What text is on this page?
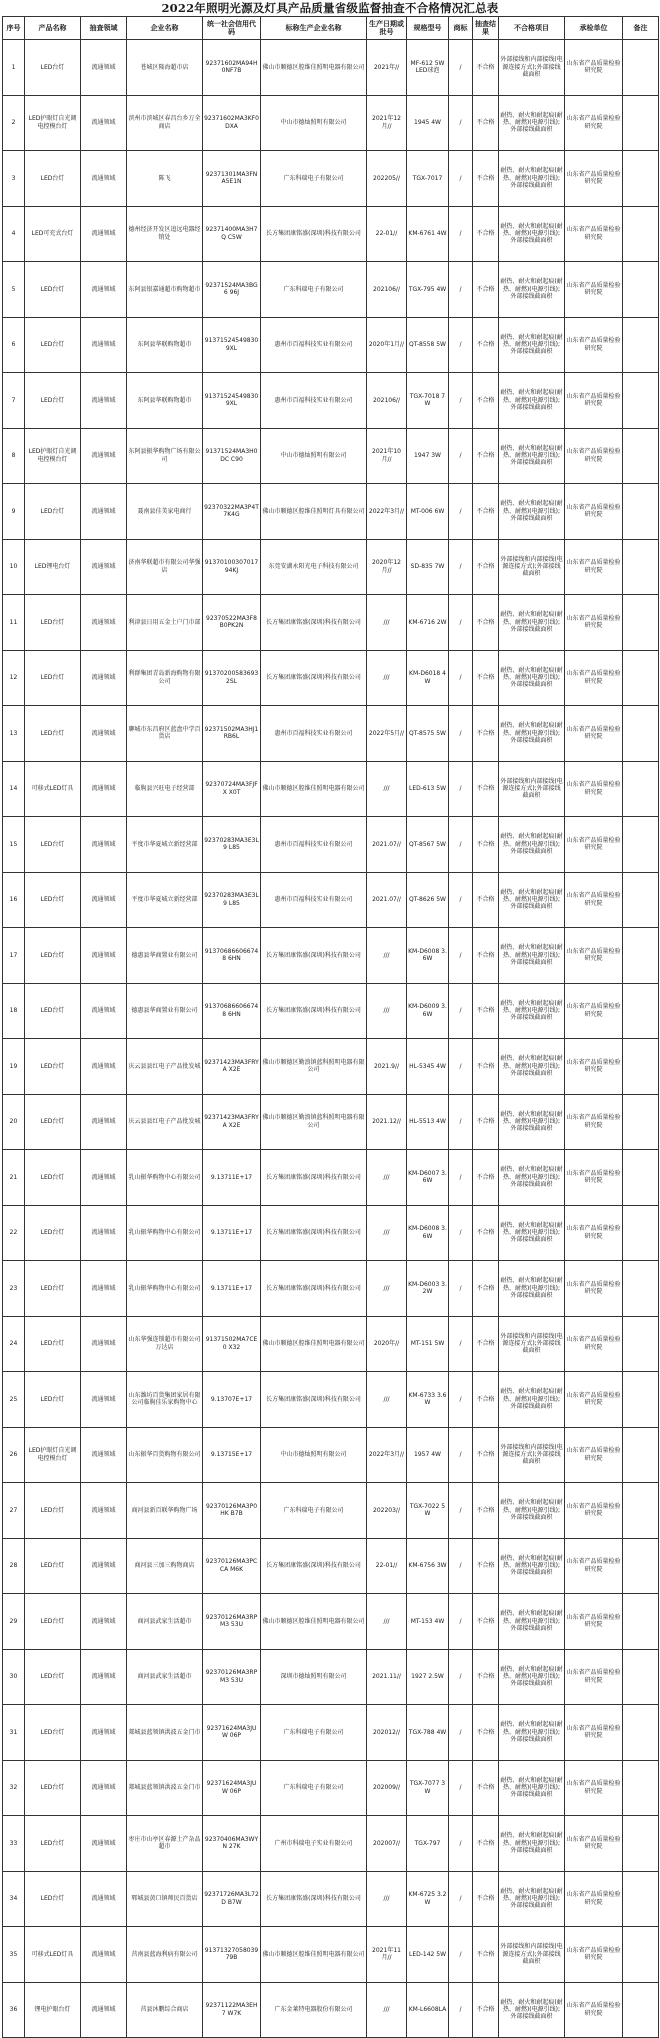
2022年照明光源及灯具产品质量省级监督抽查不合格情况汇总表
序号	产品名称	抽查领域	企业名称	统一社会信用代码	标称生产企业名称	生产日期或批号	规格型号	商标	抽查结果	不合格项目	承检单位	备注
1	LED台灯	流通领域	苍城区隆海超市店	92371602MA94H0NF7B	佛山市顺德区腔维佳照明电器有限公司	2021年//	MF-612 5W LED球泡	/	不合格	外部接线和内部接线(电源连接方式);外部接线截面积	山东省产品质量检验研究院	
2	LED护眼灯自光调电控模台灯	流通领域	滨州市滨城区春昌台乡万全商店	92371602MA3KF0DXA	中山市德灿照明有限公司	2021年12月//	1945 4W	/	不合格	耐热、耐火和耐起痕(耐热、耐燃)(电源引线);外部接线截面积	山东省产品质量检验研究院	
3	LED台灯	流通领域	陈飞	92371301MA3FNA5E1N	广东科瑞电子有限公司	202205//	TGX-7017	/	不合格	耐热、耐火和耐起痕(耐热、耐燃)(电源引线);外部接线截面积	山东省产品质量检验研究院	
4	LED可充式台灯	流通领域	德州经济开发区追远电器经销处	92371400MA3H7Q C5W	长方集团康铭盛(深圳)科技有限公司	22-01//	KM-6761 4W	/	不合格	耐热、耐火和耐起痕(耐热、耐燃)(电源引线);外部接线截面积	山东省产品质量检验研究院	
5	LED台灯	流通领域	东阿县银嘉通超市购物超市	92371524MA3BG6 96J	广东科瑞电子有限公司	202106//	TGX-795 4W	/	不合格	耐热、耐火和耐起痕(耐热、耐燃)(电源引线);外部接线截面积	山东省产品质量检验研究院	
6	LED台灯	流通领域	东阿县华联购物超市	91371524549830 9XL	惠州市百福科技实业有限公司	2020年1月//	QT-8558 5W	/	不合格	耐热、耐火和耐起痕(耐热、耐燃)(电源引线);外部接线截面积	山东省产品质量检验研究院	
7	LED台灯	流通领域	东阿县华联购物超市	91371524549830 9XL	惠州市百福科技实业有限公司	202106//	TGX-7018 7W	/	不合格	耐热、耐火和耐起痕(耐热、耐燃)(电源引线);外部接线截面积	山东省产品质量检验研究院	
8	LED护眼灯自光调电控模台灯	流通领域	东阿县振华购物广场有限公司	91371524MA3H0DC C90	中山市德灿照明有限公司	2021年10月//	1947 3W	/	不合格	耐热、耐火和耐起痕(耐热、耐燃)(电源引线);外部接线截面积	山东省产品质量检验研究院	
9	LED台灯	流通领域	聂南县佳美家电商行	92370322MA3P4T7K4G	佛山市顺德区腔维佳照明灯具有限公司	2022年3月//	MT-006 6W	/	不合格	耐热、耐火和耐起痕(耐热、耐燃)(电源引线);外部接线截面积	山东省产品质量检验研究院	
10	LED锂电台灯	流通领域	济南华联超市有限公司华强店	91370100307017 94KJ	东莞安湖永阳光电子科技有限公司	2020年12月//	SD-835 7W	/	不合格	外部接线和内部接线(电源连接方式);外部接线截面积	山东省产品质量检验研究院	
11	LED台灯	流通领域	利津县日用五金土户门市部	92370522MA3F8B0PK2N	长方集团康铭盛(深圳)科技有限公司	///	KM-6716 2W	/	不合格	耐热、耐火和耐起痕(耐热、耐燃)(电源引线);外部接线截面积	山东省产品质量检验研究院	
12	LED台灯	流通领域	利群集团青岛新海购物有限公司	91370200583693 2SL	长方集团康铭盛(深圳)科技有限公司	///	KM-D6018 4W	/	不合格	耐热、耐火和耐起痕(耐热、耐燃)(电源引线);外部接线截面积	山东省产品质量检验研究院	
13	LED台灯	流通领域	聊城市东昌府区蓝盘中学百货店	92371502MA3HJ1RB6L	惠州市百福科技实业有限公司	2022年5月//	QT-8575 5W	/	不合格	耐热、耐火和耐起痕(耐热、耐燃)(电源引线);外部接线截面积	山东省产品质量检验研究院	
14	可移式LED灯具	流通领域	临朐县兴旺电子经营部	92370724MA3FJFX X0T	佛山市顺德区腔维佳照明电器有限公司	///	LED-613 5W	/	不合格	外部接线和内部接线(电源连接方式);外部接线截面积	山东省产品质量检验研究院	
15	LED台灯	流通领域	平度市华夏城立新经营部	92370283MA3E3L9 L85	惠州市百福科技实业有限公司	2021.07//	QT-8567 5W	/	不合格	耐热、耐火和耐起痕(耐热、耐燃)(电源引线);外部接线截面积	山东省产品质量检验研究院	
16	LED台灯	流通领域	平度市华夏城立新经营部	92370283MA3E3L9 L85	惠州市百福科技实业有限公司	2021.07//	QT-8626 5W	/	不合格	耐热、耐火和耐起痕(耐热、耐燃)(电源引线);外部接线截面积	山东省产品质量检验研究院	
17	LED台灯	流通领域	德惠县华商置业有限公司	913706866066748 6HN	长方集团康铭盛(深圳)科技有限公司	///	KM-D6008 3.6W	/	不合格	耐热、耐火和耐起痕(耐热、耐燃)(电源引线);外部接线截面积	山东省产品质量检验研究院	
18	LED台灯	流通领域	德惠县华商置业有限公司	913706866066748 6HN	长方集团康铭盛(深圳)科技有限公司	///	KM-D6009 3.6W	/	不合格	耐热、耐火和耐起痕(耐热、耐燃)(电源引线);外部接线截面积	山东省产品质量检验研究院	
19	LED台灯	流通领域	庆云县县红电子产品批发城	92371423MA3FRYA X2E	佛山市顺德区勤浪镇蓝科照明电器有限公司	2021.9//	HL-5345 4W	/	不合格	耐热、耐火和耐起痕(耐热、耐燃)(电源引线);外部接线截面积	山东省产品质量检验研究院	
20	LED台灯	流通领域	庆云县县红电子产品批发城	92371423MA3FRYA X2E	佛山市顺德区勤浪镇蓝科照明电器有限公司	2021.12//	HL-5513 4W	/	不合格	耐热、耐火和耐起痕(耐热、耐燃)(电源引线);外部接线截面积	山东省产品质量检验研究院	
21	LED台灯	流通领域	乳山振华购物中心有限公司	9.13711E+17	长方集团康铭盛(深圳)科技有限公司	///	KM-D6007 3.6W	/	不合格	耐热、耐火和耐起痕(耐热、耐燃)(电源引线);外部接线截面积	山东省产品质量检验研究院	
22	LED台灯	流通领域	乳山振华购物中心有限公司	9.13711E+17	长方集团康铭盛(深圳)科技有限公司	///	KM-D6008 3.6W	/	不合格	耐热、耐火和耐起痕(耐热、耐燃)(电源引线);外部接线截面积	山东省产品质量检验研究院	
23	LED台灯	流通领域	乳山振华购物中心有限公司	9.13711E+17	长方集团康铭盛(深圳)科技有限公司	///	KM-D6003 3.2W	/	不合格	耐热、耐火和耐起痕(耐热、耐燃)(电源引线);外部接线截面积	山东省产品质量检验研究院	
24	LED台灯	流通领域	山东华强连锁超市有限公司万达店	91371502MA7CE0 X32	佛山市顺德区腔维佳照明电器有限公司	2020年//	MT-151 5W	/	不合格	外部接线和内部接线(电源连接方式);外部接线截面积	山东省产品质量检验研究院	
25	LED台灯	流通领域	山东潍坊百货集团家居有限公司临朐佳乐家购物中心	9.13707E+17	长方集团康铭盛(深圳)科技有限公司	///	KM-6733 3.6W	/	不合格	耐热、耐火和耐起痕(耐热、耐燃)(电源引线);外部接线截面积	山东省产品质量检验研究院	
26	LED护眼灯自光调电控模台灯	流通领域	山东振华百货购物有限公司	9.13715E+17	中山市德灿照明有限公司	2022年3月//	1957 4W	/	不合格	外部接线和内部接线(电源连接方式);外部接线截面积	山东省产品质量检验研究院	
27	LED台灯	流通领域	商河县新百联华购物广场	92370126MA3P0HK B7B	广东科瑞电子有限公司	202203//	TGX-7022 5W	/	不合格	耐热、耐火和耐起痕(耐热、耐燃)(电源引线);外部接线截面积	山东省产品质量检验研究院	
28	LED台灯	流通领域	商河县三加三购物商店	92370126MA3PCCA M6K	长方集团康铭盛(深圳)科技有限公司	22-01//	KM-6756 3W	/	不合格	耐热、耐火和耐起痕(耐热、耐燃)(电源引线);外部接线截面积	山东省产品质量检验研究院	
29	LED台灯	流通领域	商河县武家生活超市	92370126MA3RPM3 53U	佛山市顺德区腔维佳照明电器有限公司	///	MT-153 4W	/	不合格	耐热、耐火和耐起痕(耐热、耐燃)(电源引线);外部接线截面积	山东省产品质量检验研究院	
30	LED台灯	流通领域	商河县武家生活超市	92370126MA3RPM3 53U	深圳市德灿照明有限公司	2021.11//	1927 2.5W	/	不合格	耐热、耐火和耐起痕(耐热、耐燃)(电源引线);外部接线截面积	山东省产品质量检验研究院	
31	LED台灯	流通领域	郯城县蓝领镇洪波五金门市	92371624MA3JUW 06P	广东科瑞电子有限公司	202012//	TGX-788 4W	/	不合格	耐热、耐火和耐起痕(耐热、耐燃)(电源引线);外部接线截面积	山东省产品质量检验研究院	
32	LED台灯	流通领域	郯城县蓝领镇洪波五金门市	92371624MA3JUW 06P	广东科瑞电子有限公司	202009//	TGX-7077 3W	/	不合格	耐热、耐火和耐起痕(耐热、耐燃)(电源引线);外部接线截面积	山东省产品质量检验研究院	
33	LED台灯	流通领域	枣庄市山亭区春源土产杂品超市	92370406MA3WYN 27K	广州市科瑞电子实业有限公司	202007//	TGX-797	/	不合格	耐热、耐火和耐起痕(耐热、耐燃)(电源引线);外部接线截面积	山东省产品质量检验研究院	
34	LED台灯	流通领域	郓城县黄口镇师民百货店	92371726MA3L72D B7W	长方集团康铭盛(深圳)科技有限公司	///	KM-6725 3.2W	/	不合格	耐热、耐火和耐起痕(耐热、耐燃)(电源引线);外部接线截面积	山东省产品质量检验研究院	
35	可移式LED灯具	流通领域	莒南县蓝海利病有限公司	91371327058039 79B	佛山市顺德区腔维佳照明电器有限公司	2021年11月//	LED-142 5W	/	不合格	外部接线和内部接线(电源连接方式);外部接线截面积	山东省产品质量检验研究院	
36	锂电护眼台灯	流通领域	莒县沐鹏综合商店	92371122MA3EH7 W7K	广东金莱特电器股份有限公司	///	KM-L6608LA	/	不合格	耐热、耐火和耐起痕(耐热、耐燃)(电源引线);外部接线截面积	山东省产品质量检验研究院	
